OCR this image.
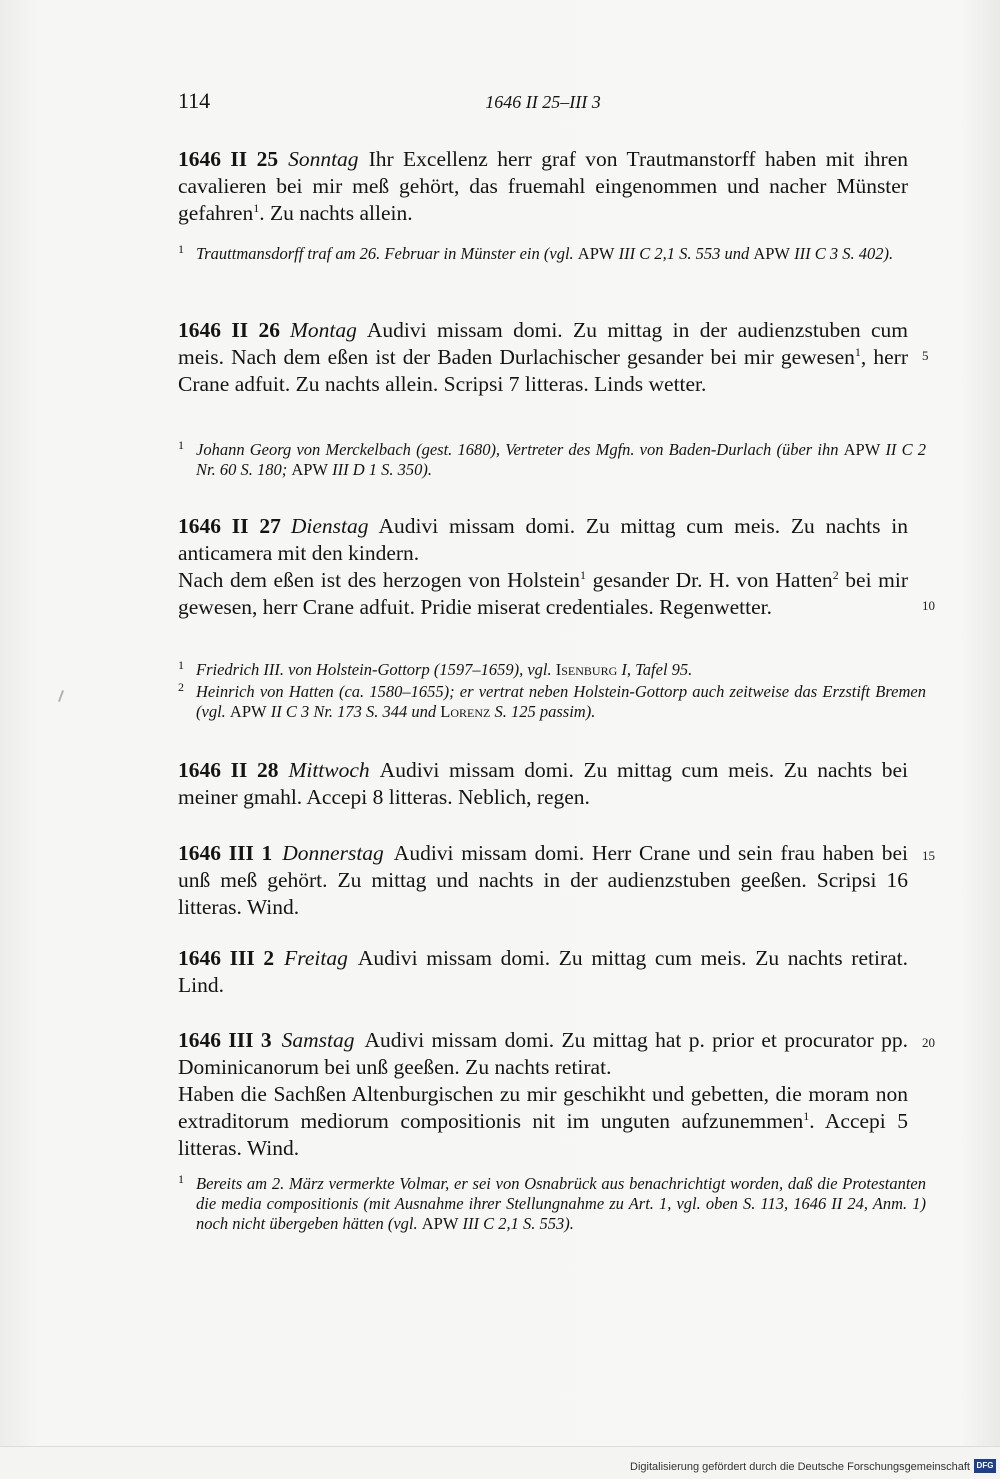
114	1646 II 25–III 3

1646 II 25 Sonntag Ihr Excellenz herr graf von Trautmanstorff haben mit ihren cavalieren bei mir meß gehört, das fruemahl eingenommen und nacher Münster gefahren$^1$. Zu nachts allein.

1 Trauttmansdorff traf am 26. Februar in Münster ein (vgl. APW III C 2,1 S. 553 und APW III C 3 S. 402).

1646 II 26 Montag Audivi missam domi. Zu mittag in der audienzstuben cum meis. Nach dem eßen ist der Baden Durlachischer gesander bei mir gewesen$^1$, herr Crane adfuit. Zu nachts allein. Scripsi 7 litteras. Linds wetter.

1 Johann Georg von Merckelbach (gest. 1680), Vertreter des Mgfn. von Baden-Durlach (über ihn APW II C 2 Nr. 60 S. 180; APW III D 1 S. 350).

1646 II 27 Dienstag Audivi missam domi. Zu mittag cum meis. Zu nachts in anticamera mit den kindern.

Nach dem eßen ist des herzogen von Holstein$^1$ gesander Dr. H. von Hatten$^2$ bei mir gewesen, herr Crane adfuit. Pridie miserat credentiales. Regenwetter.

1 Friedrich III. von Holstein-Gottorp (1597–1659), vgl. Isenburg I, Tafel 95.
2 Heinrich von Hatten (ca. 1580–1655); er vertrat neben Holstein-Gottorp auch zeitweise das Erzstift Bremen (vgl. APW II C 3 Nr. 173 S. 344 und Lorenz S. 125 passim).

1646 II 28 Mittwoch Audivi missam domi. Zu mittag cum meis. Zu nachts bei meiner gmahl. Accepi 8 litteras. Neblich, regen.

1646 III 1 Donnerstag Audivi missam domi. Herr Crane und sein frau haben bei unß meß gehört. Zu mittag und nachts in der audienzstuben geeßen. Scripsi 16 litteras. Wind.

1646 III 2 Freitag Audivi missam domi. Zu mittag cum meis. Zu nachts retirat. Lind.

1646 III 3 Samstag Audivi missam domi. Zu mittag hat p. prior et procurator pp. Dominicanorum bei unß geeßen. Zu nachts retirat.

Haben die Sachßen Altenburgischen zu mir geschikht und gebetten, die moram non extraditorum mediorum compositionis nit im unguten aufzunemmen$^1$. Accepi 5 litteras. Wind.

1 Bereits am 2. März vermerkte Volmar, er sei von Osnabrück aus benachrichtigt worden, daß die Protestanten die media compositionis (mit Ausnahme ihrer Stellungnahme zu Art. 1, vgl. oben S. 113, 1646 II 24, Anm. 1) noch nicht übergeben hätten (vgl. APW III C 2,1 S. 553).
5
10
15
20
Digitalisierung gefördert durch die Deutsche Forschungsgemeinschaft DFG
